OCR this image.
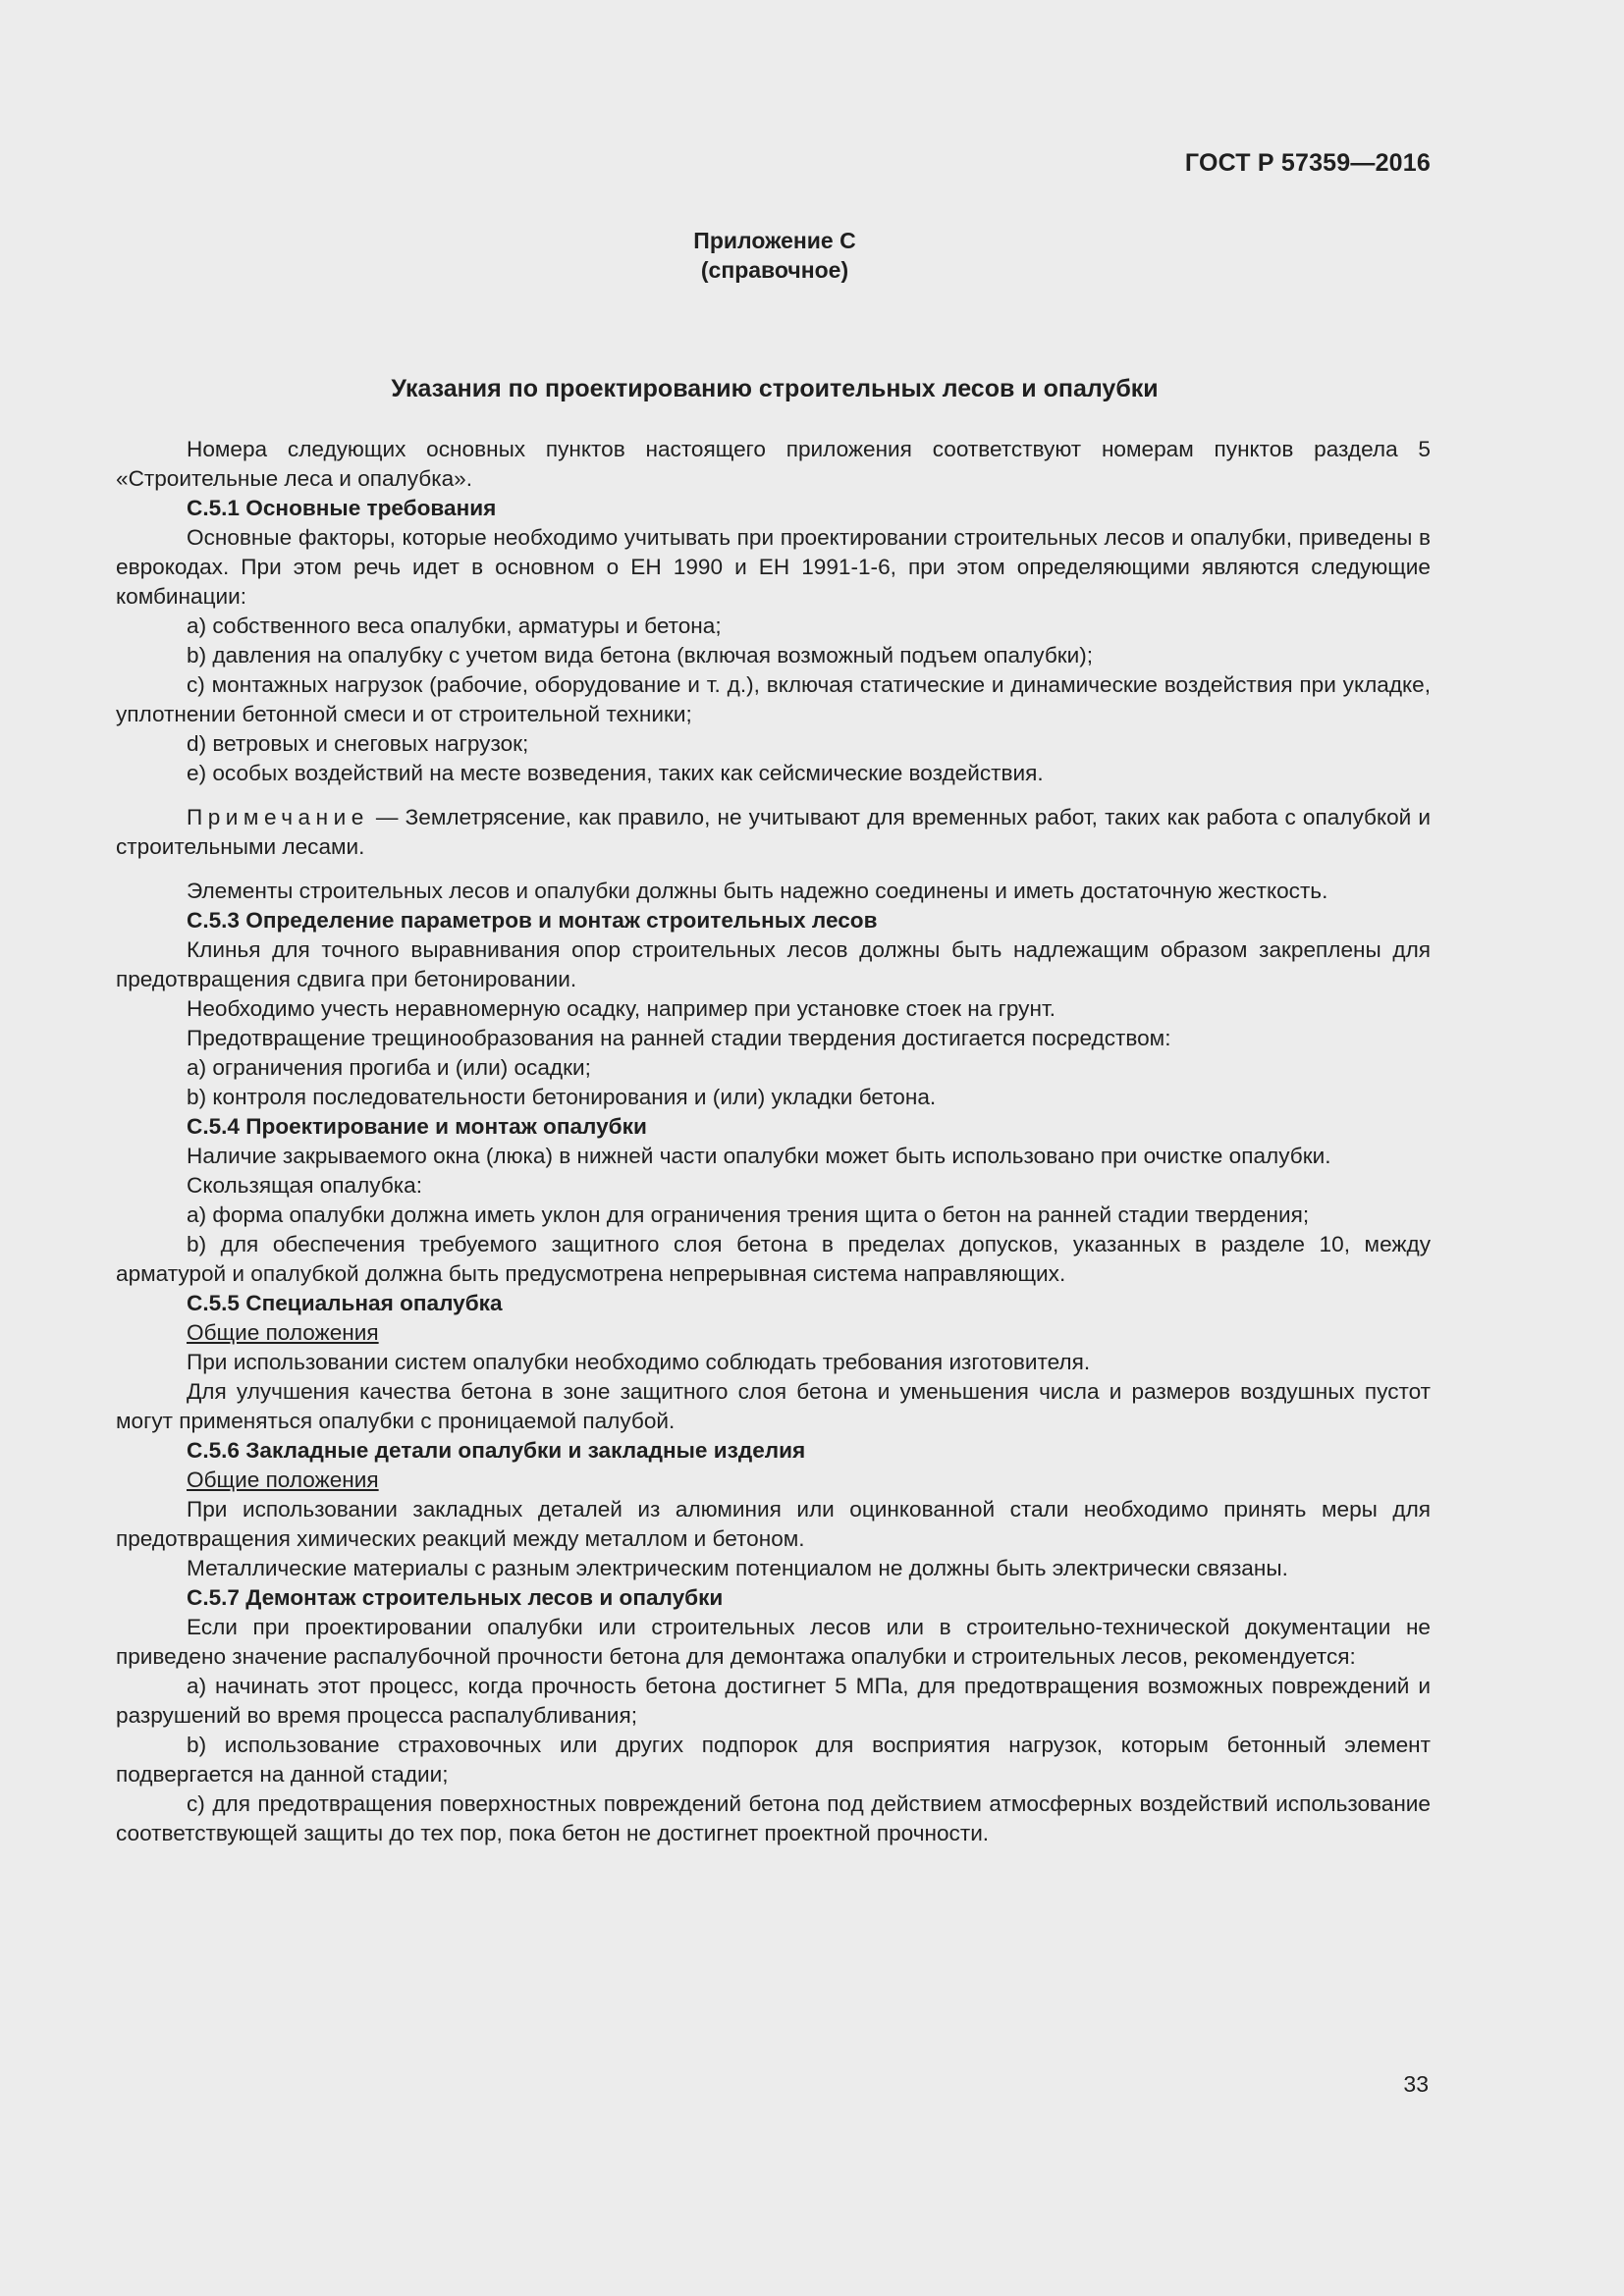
ГОСТ Р 57359—2016
Приложение С
(справочное)
Указания по проектированию строительных лесов и опалубки

Номера следующих основных пунктов настоящего приложения соответствуют номерам пунктов раздела 5 «Строительные леса и опалубка».

С.5.1 Основные требования

Основные факторы, которые необходимо учитывать при проектировании строительных лесов и опалубки, приведены в еврокодах. При этом речь идет в основном о ЕН 1990 и ЕН 1991-1-6, при этом определяющими являются следующие комбинации:

a) собственного веса опалубки, арматуры и бетона;

b) давления на опалубку с учетом вида бетона (включая возможный подъем опалубки);

c) монтажных нагрузок (рабочие, оборудование и т. д.), включая статические и динамические воздействия при укладке, уплотнении бетонной смеси и от строительной техники;

d) ветровых и снеговых нагрузок;

e) особых воздействий на месте возведения, таких как сейсмические воздействия.

Примечание — Землетрясение, как правило, не учитывают для временных работ, таких как работа с опалубкой и строительными лесами.

Элементы строительных лесов и опалубки должны быть надежно соединены и иметь достаточную жесткость.

С.5.3 Определение параметров и монтаж строительных лесов

Клинья для точного выравнивания опор строительных лесов должны быть надлежащим образом закреплены для предотвращения сдвига при бетонировании.

Необходимо учесть неравномерную осадку, например при установке стоек на грунт.

Предотвращение трещинообразования на ранней стадии твердения достигается посредством:

a) ограничения прогиба и (или) осадки;

b) контроля последовательности бетонирования и (или) укладки бетона.

С.5.4 Проектирование и монтаж опалубки

Наличие закрываемого окна (люка) в нижней части опалубки может быть использовано при очистке опалубки.

Скользящая опалубка:

a) форма опалубки должна иметь уклон для ограничения трения щита о бетон на ранней стадии твердения;

b) для обеспечения требуемого защитного слоя бетона в пределах допусков, указанных в разделе 10, между арматурой и опалубкой должна быть предусмотрена непрерывная система направляющих.

С.5.5 Специальная опалубка

Общие положения

При использовании систем опалубки необходимо соблюдать требования изготовителя.

Для улучшения качества бетона в зоне защитного слоя бетона и уменьшения числа и размеров воздушных пустот могут применяться опалубки с проницаемой палубой.

С.5.6 Закладные детали опалубки и закладные изделия

Общие положения

При использовании закладных деталей из алюминия или оцинкованной стали необходимо принять меры для предотвращения химических реакций между металлом и бетоном.

Металлические материалы с разным электрическим потенциалом не должны быть электрически связаны.

С.5.7 Демонтаж строительных лесов и опалубки

Если при проектировании опалубки или строительных лесов или в строительно-технической документации не приведено значение распалубочной прочности бетона для демонтажа опалубки и строительных лесов, рекомендуется:

a) начинать этот процесс, когда прочность бетона достигнет 5 МПа, для предотвращения возможных повреждений и разрушений во время процесса распалубливания;

b) использование страховочных или других подпорок для восприятия нагрузок, которым бетонный элемент подвергается на данной стадии;

c) для предотвращения поверхностных повреждений бетона под действием атмосферных воздействий использование соответствующей защиты до тех пор, пока бетон не достигнет проектной прочности.

33
